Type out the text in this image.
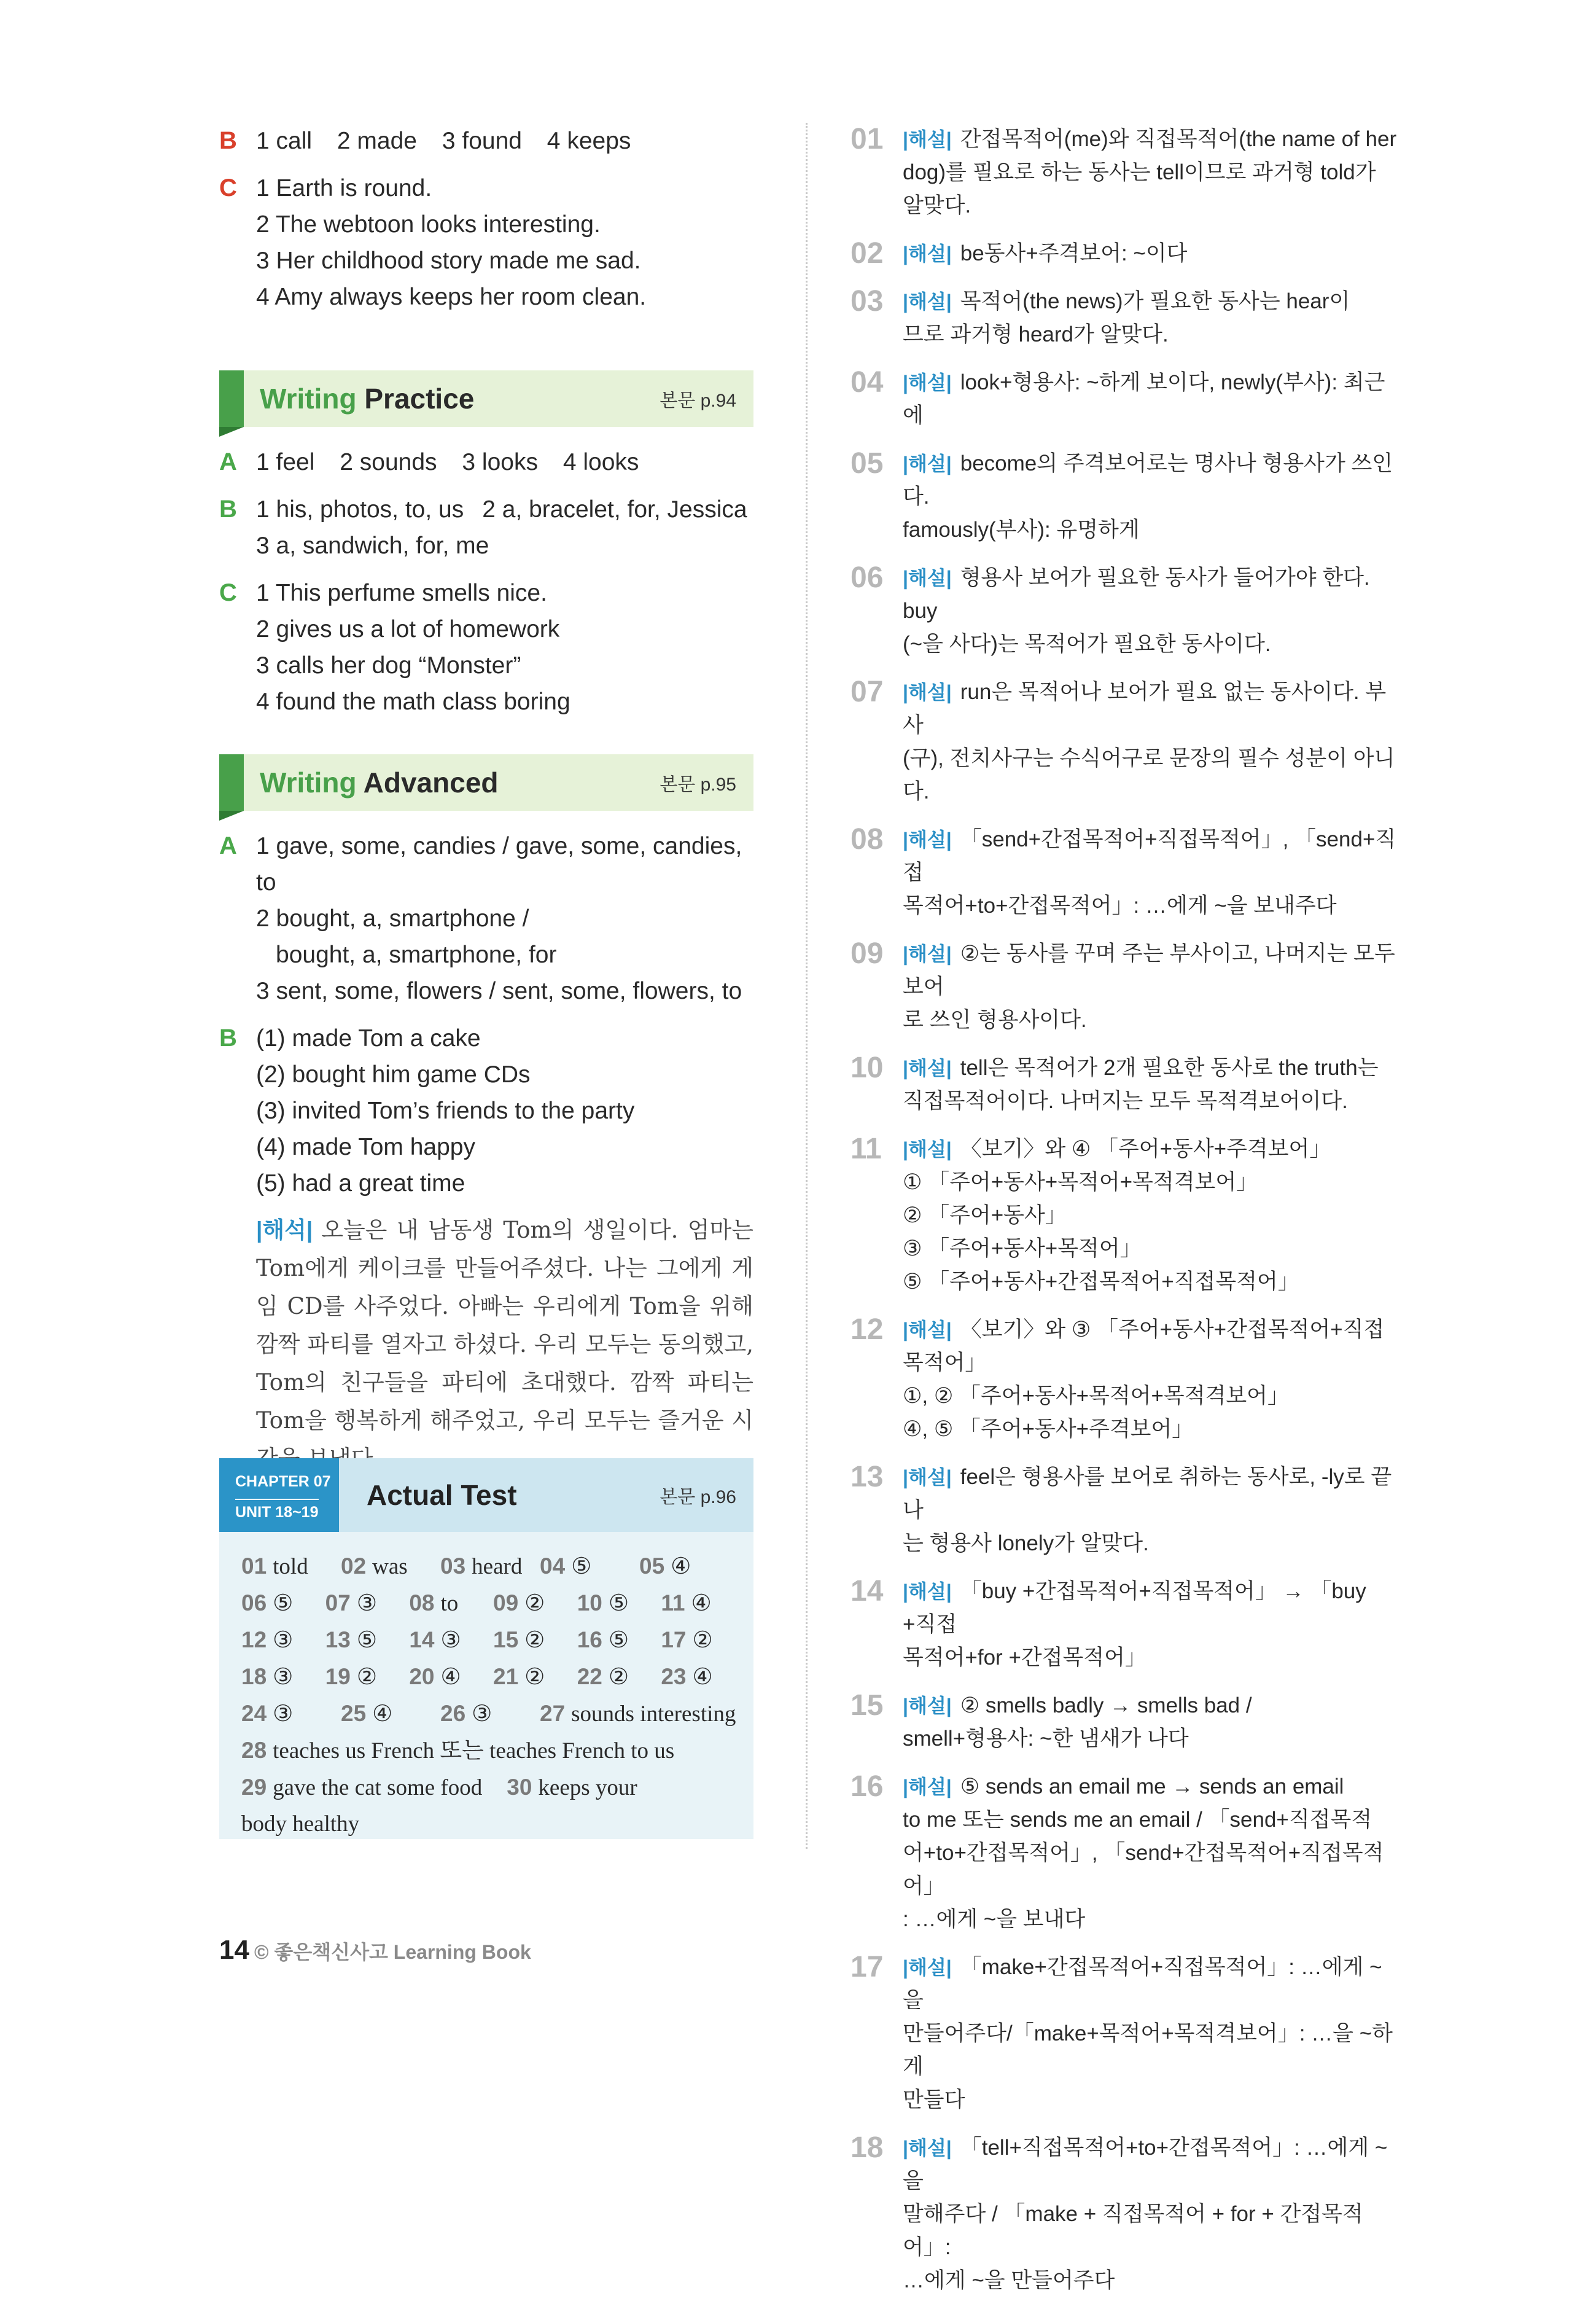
B 1 call 2 made 3 found 4 keeps
C 1 Earth is round.
2 The webtoon looks interesting.
3 Her childhood story made me sad.
4 Amy always keeps her room clean.
Writing Practice	본문 p.94
A 1 feel 2 sounds 3 looks 4 looks
B 1 his, photos, to, us 2 a, bracelet, for, Jessica
3 a, sandwich, for, me
C 1 This perfume smells nice.
2 gives us a lot of homework
3 calls her dog “Monster”
4 found the math class boring
Writing Advanced	본문 p.95
A 1 gave, some, candies / gave, some, candies, to
2 bought, a, smartphone /
bought, a, smartphone, for
3 sent, some, flowers / sent, some, flowers, to
B (1) made Tom a cake
(2) bought him game CDs
(3) invited Tom’s friends to the party
(4) made Tom happy
(5) had a great time
|해석| 오늘은 내 남동생 Tom의 생일이다. 엄마는 Tom에게 케이크를 만들어주셨다. 나는 그에게 게임 CD를 사주었다. 아빠는 우리에게 Tom을 위해 깜짝 파티를 열자고 하셨다. 우리 모두는 동의했고, Tom의 친구들을 파티에 초대했다. 깜짝 파티는 Tom을 행복하게 해주었고, 우리 모두는 즐거운 시
CHAPTER 07
UNIT 18~19
Actual Test	본문 p.96
01 told	02 was	03 heard 04 ⑤	05 ④
06 ⑤	07 ③	08 to	09 ②	10 ⑤	11 ④
12 ③	13 ⑤	14 ③	15 ②	16 ⑤	17 ②
18 ③	19 ②	20 ④	21 ②	22 ②	23 ④
24 ③	25 ④	26 ③	27 sounds interesting
28 teaches us French 또는 teaches French to us
29 gave the cat some food 30 keeps your
body healthy
01 |해설| 간접목적어(me)와 직접목적어(the name of her
dog)를 필요로 하는 동사는 tell이므로 과거형 told가
알맞다.
02 |해설| be동사+주격보어: ~이다
03 |해설| 목적어(the news)가 필요한 동사는 hear이
므로 과거형 heard가 알맞다.
04 |해설| look+형용사: ~하게 보이다, newly(부사): 최근에
05 |해설| become의 주격보어로는 명사나 형용사가 쓰인다.
famously(부사): 유명하게
06 |해설| 형용사 보어가 필요한 동사가 들어가야 한다. buy
(~을 사다)는 목적어가 필요한 동사이다.
07 |해설| run은 목적어나 보어가 필요 없는 동사이다. 부사
(구), 전치사구는 수식어구로 문장의 필수 성분이 아니다.
08 |해설| 「send+간접목적어+직접목적어」, 「send+직접
목적어+to+간접목적어」: …에게 ~을 보내주다
09 |해설| ②는 동사를 꾸며 주는 부사이고, 나머지는 모두 보어
로 쓰인 형용사이다.
10 |해설| tell은 목적어가 2개 필요한 동사로 the truth는
직접목적어이다. 나머지는 모두 목적격보어이다.
11	|해설| 〈보기〉와 ④ 「주어+동사+주격보어」
① 「주어+동사+목적어+목적격보어」
② 「주어+동사」
③ 「주어+동사+목적어」
⑤ 「주어+동사+간접목적어+직접목적어」
12 |해설| 〈보기〉와 ③ 「주어+동사+간접목적어+직접목적어」
①, ② 「주어+동사+목적어+목적격보어」
④, ⑤ 「주어+동사+주격보어」
13 |해설| feel은 형용사를 보어로 취하는 동사로, -ly로 끝나
는 형용사 lonely가 알맞다.
14 |해설| 「buy +간접목적어+직접목적어」 → 「buy +직접
목적어+for +간접목적어」
15 |해설| ② smells badly → smells bad /
smell+형용사: ~한 냄새가 나다
16 |해설| ⑤ sends an email me → sends an email
to me 또는 sends me an email / 「send+직접목적
어+to+간접목적어」, 「send+간접목적어+직접목적어」
: …에게 ~을 보내다
17 |해설| 「make+간접목적어+직접목적어」: …에게 ~을
만들어주다/「make+목적어+목적격보어」: …을 ~하게
만들다
18 |해설| 「tell+직접목적어+to+간접목적어」: …에게 ~을
말해주다 / 「make + 직접목적어 + for + 간접목적어」:
…에게 ~을 만들어주다
14 © 좋은책신사고 Learning Book
